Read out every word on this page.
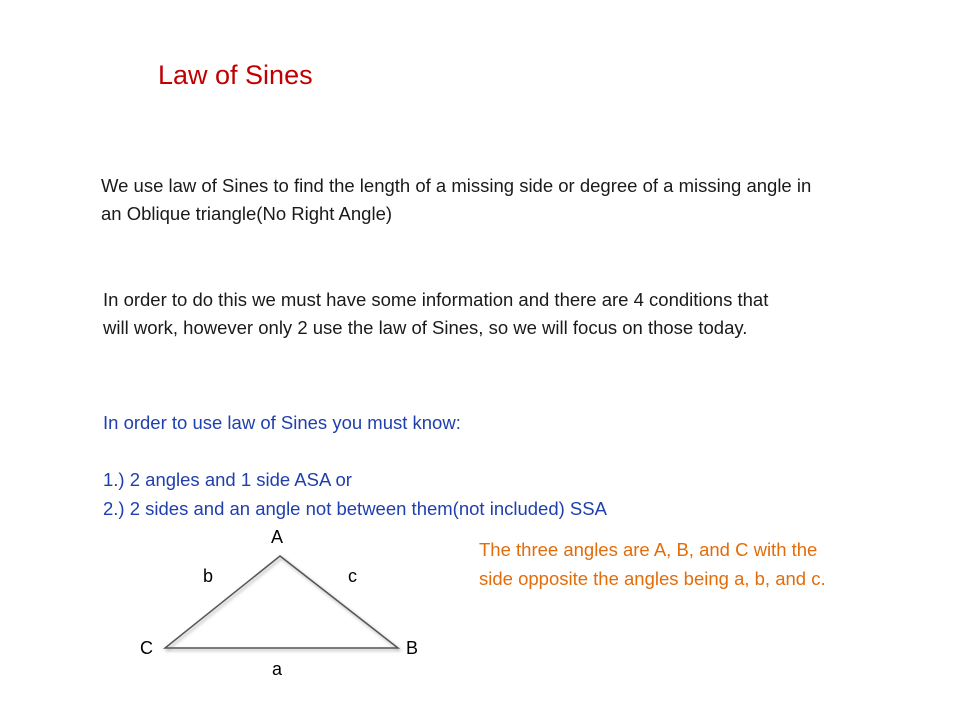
Law of Sines

We use law of Sines to find the length of a missing side or degree of a missing angle in an Oblique triangle(No Right Angle)

In order to do this we must have some information and there are 4 conditions that will work, however only 2 use the law of Sines, so we will focus on those today.

In order to use law of Sines you must know:
1.) 2 angles and 1 side ASA or
2.) 2 sides and an angle not between them(not included) SSA
A
B
C
a
b	c

The three angles are A, B, and C with the side opposite the angles being a, b, and c.
